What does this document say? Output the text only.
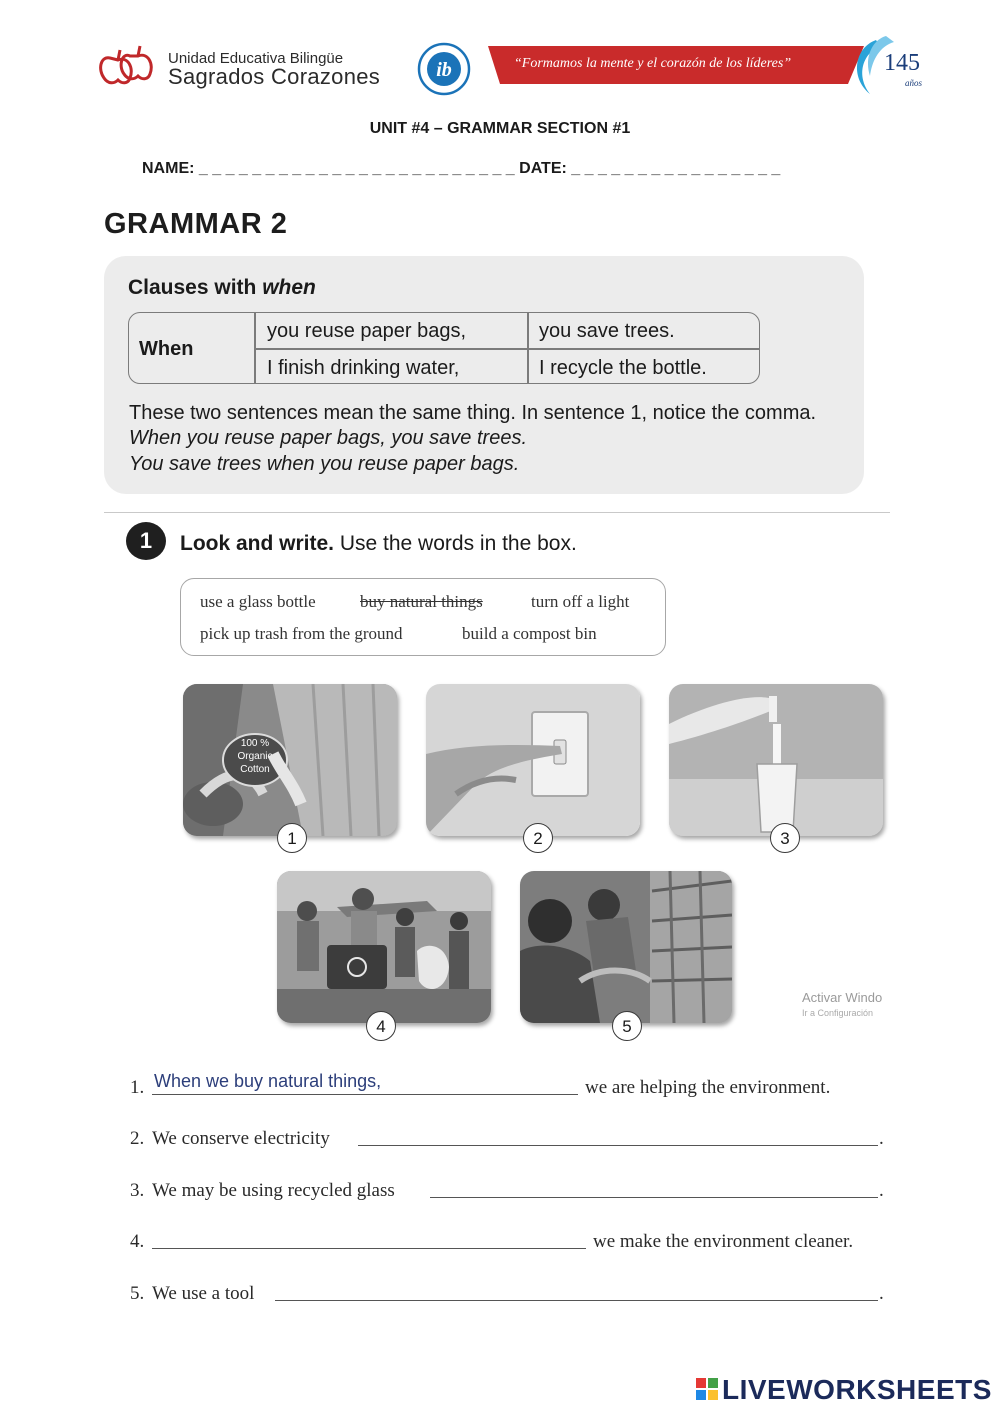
Unidad Educativa Bilingüe
Sagrados Corazones	ib	“Formamos la mente y el corazón de los líderes”	145
años
UNIT #4 – GRAMMAR SECTION #1
NAME: _ _ _ _ _ _ _ _ _ _ _ _ _ _ _ _ _ _ _ _ _ _ _ _ DATE: _ _ _ _ _ _ _ _ _ _ _ _ _ _ _ _
GRAMMAR 2
Clauses with when
When
you reuse paper bags,	you save trees.
I finish drinking water,	I recycle the bottle.
These two sentences mean the same thing. In sentence 1, notice the comma.
When you reuse paper bags, you save trees.
You save trees when you reuse paper bags.
1	Look and write. Use the words in the box.
use a glass bottle	buy natural things	turn off a light
pick up trash from the ground	build a compost bin
100 %
Organic
Cotton
1	2	3
4	5
Activar Windo
Ir a Configuración
1. When we buy natural things,	we are helping the environment.
2. We conserve electricity	.
3. We may be using recycled glass	.
4.	we make the environment cleaner.
5. We use a tool	.
LIVEWORKSHEETS
